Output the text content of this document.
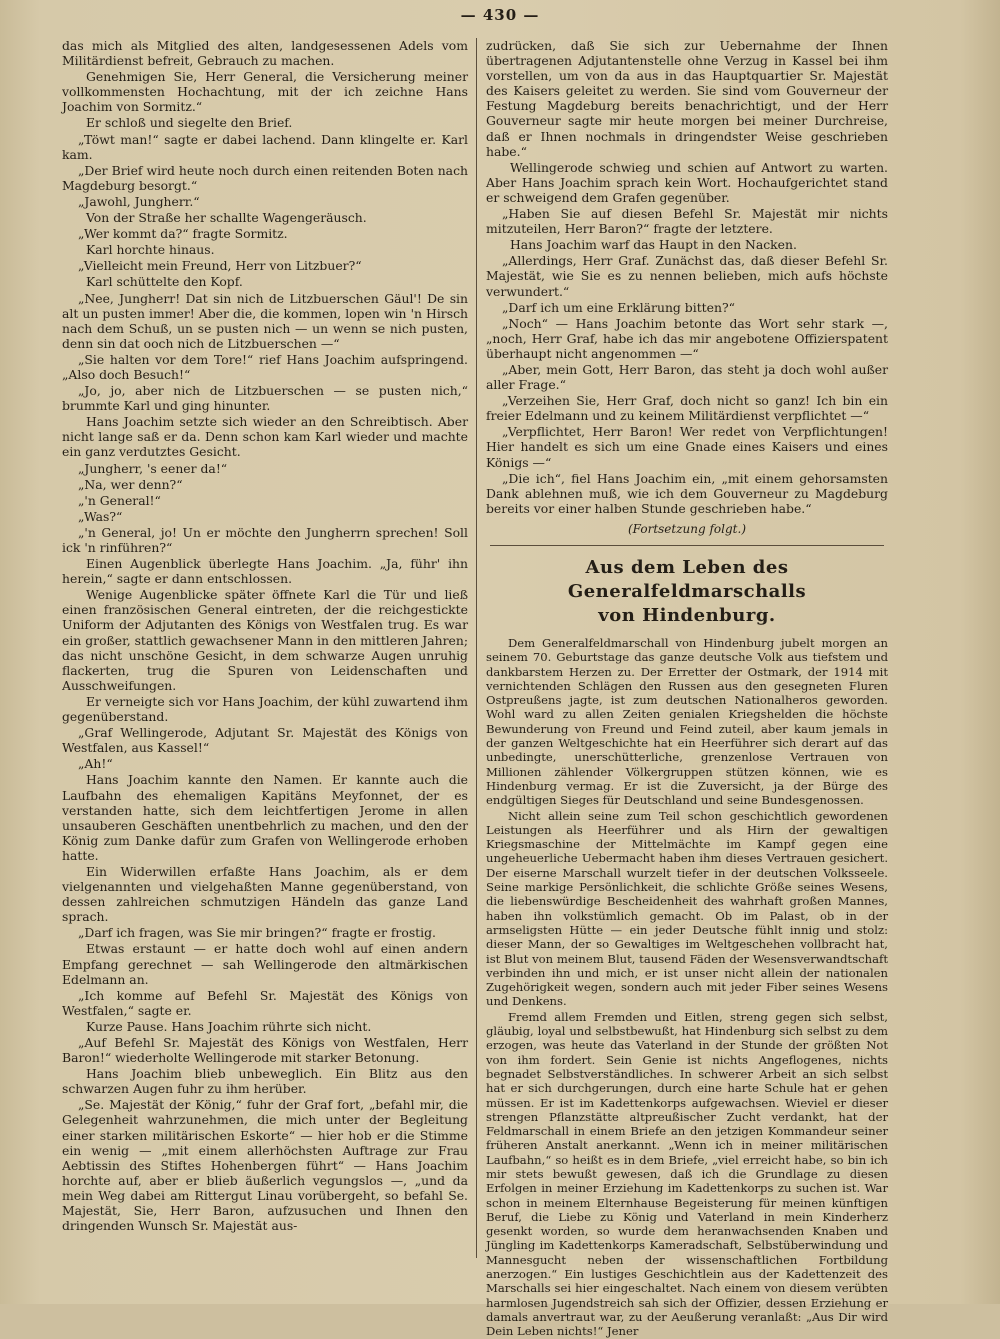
— 430 —

das mich als Mitglied des alten, landgesessenen Adels vom Militärdienst befreit, Gebrauch zu machen.

Genehmigen Sie, Herr General, die Versicherung meiner vollkommensten Hochachtung, mit der ich zeichne Hans Joachim von Sormitz.“

Er schloß und siegelte den Brief.

„Töwt man!“ sagte er dabei lachend. Dann klingelte er. Karl kam.

„Der Brief wird heute noch durch einen reitenden Boten nach Magdeburg besorgt.“

„Jawohl, Jungherr.“

Von der Straße her schallte Wagengeräusch.

„Wer kommt da?“ fragte Sormitz.

Karl horchte hinaus.

„Vielleicht mein Freund, Herr von Litzbuer?“

Karl schüttelte den Kopf.

„Nee, Jungherr! Dat sin nich de Litzbuerschen Gäul'! De sin alt un pusten immer! Aber die, die kommen, lopen win 'n Hirsch nach dem Schuß, un se pusten nich — un wenn se nich pusten, denn sin dat ooch nich de Litzbuerschen —“

„Sie halten vor dem Tore!“ rief Hans Joachim aufspringend. „Also doch Besuch!“

„Jo, jo, aber nich de Litzbuerschen — se pusten nich,“ brummte Karl und ging hinunter.

Hans Joachim setzte sich wieder an den Schreibtisch. Aber nicht lange saß er da. Denn schon kam Karl wieder und machte ein ganz verdutztes Gesicht.

„Jungherr, 's eener da!“

„Na, wer denn?“

„'n General!“

„Was?“

„'n General, jo! Un er möchte den Jungherrn sprechen! Soll ick 'n rinführen?“

Einen Augenblick überlegte Hans Joachim. „Ja, führ' ihn herein,“ sagte er dann entschlossen.

Wenige Augenblicke später öffnete Karl die Tür und ließ einen französischen General eintreten, der die reichgestickte Uniform der Adjutanten des Königs von Westfalen trug. Es war ein großer, stattlich gewachsener Mann in den mittleren Jahren; das nicht unschöne Gesicht, in dem schwarze Augen unruhig flackerten, trug die Spuren von Leidenschaften und Ausschweifungen.

Er verneigte sich vor Hans Joachim, der kühl zuwartend ihm gegenüberstand.

„Graf Wellingerode, Adjutant Sr. Majestät des Königs von Westfalen, aus Kassel!“

„Ah!“

Hans Joachim kannte den Namen. Er kannte auch die Laufbahn des ehemaligen Kapitäns Meyfonnet, der es verstanden hatte, sich dem leichtfertigen Jerome in allen unsauberen Geschäften unentbehrlich zu machen, und den der König zum Danke dafür zum Grafen von Wellingerode erhoben hatte.

Ein Widerwillen erfaßte Hans Joachim, als er dem vielgenannten und vielgehaßten Manne gegenüberstand, von dessen zahlreichen schmutzigen Händeln das ganze Land sprach.

„Darf ich fragen, was Sie mir bringen?“ fragte er frostig.

Etwas erstaunt — er hatte doch wohl auf einen andern Empfang gerechnet — sah Wellingerode den altmärkischen Edelmann an.

„Ich komme auf Befehl Sr. Majestät des Königs von Westfalen,“ sagte er.

Kurze Pause. Hans Joachim rührte sich nicht.

„Auf Befehl Sr. Majestät des Königs von Westfalen, Herr Baron!“ wiederholte Wellingerode mit starker Betonung.

Hans Joachim blieb unbeweglich. Ein Blitz aus den schwarzen Augen fuhr zu ihm herüber.

„Se. Majestät der König,“ fuhr der Graf fort, „befahl mir, die Gelegenheit wahrzunehmen, die mich unter der Begleitung einer starken militärischen Eskorte“ — hier hob er die Stimme ein wenig — „mit einem allerhöchsten Auftrage zur Frau Aebtissin des Stiftes Hohenbergen führt“ — Hans Joachim horchte auf, aber er blieb äußerlich vegungslos —, „und da mein Weg dabei am Rittergut Linau vorübergeht, so befahl Se. Majestät, Sie, Herr Baron, aufzusuchen und Ihnen den dringenden Wunsch Sr. Majestät aus-

zudrücken, daß Sie sich zur Uebernahme der Ihnen übertragenen Adjutantenstelle ohne Verzug in Kassel bei ihm vorstellen, um von da aus in das Hauptquartier Sr. Majestät des Kaisers geleitet zu werden. Sie sind vom Gouverneur der Festung Magdeburg bereits benachrichtigt, und der Herr Gouverneur sagte mir heute morgen bei meiner Durchreise, daß er Ihnen nochmals in dringendster Weise geschrieben habe.“

Wellingerode schwieg und schien auf Antwort zu warten. Aber Hans Joachim sprach kein Wort. Hochaufgerichtet stand er schweigend dem Grafen gegenüber.

„Haben Sie auf diesen Befehl Sr. Majestät mir nichts mitzuteilen, Herr Baron?“ fragte der letztere.

Hans Joachim warf das Haupt in den Nacken.

„Allerdings, Herr Graf. Zunächst das, daß dieser Befehl Sr. Majestät, wie Sie es zu nennen belieben, mich aufs höchste verwundert.“

„Darf ich um eine Erklärung bitten?“

„Noch“ — Hans Joachim betonte das Wort sehr stark —, „noch, Herr Graf, habe ich das mir angebotene Offizierspatent überhaupt nicht angenommen —“

„Aber, mein Gott, Herr Baron, das steht ja doch wohl außer aller Frage.“

„Verzeihen Sie, Herr Graf, doch nicht so ganz! Ich bin ein freier Edelmann und zu keinem Militärdienst verpflichtet —“

„Verpflichtet, Herr Baron! Wer redet von Verpflichtungen! Hier handelt es sich um eine Gnade eines Kaisers und eines Königs —“

„Die ich“, fiel Hans Joachim ein, „mit einem gehorsamsten Dank ablehnen muß, wie ich dem Gouverneur zu Magdeburg bereits vor einer halben Stunde geschrieben habe.“

(Fortsetzung folgt.)

Aus dem Leben des Generalfeldmarschalls
von Hindenburg.

Dem Generalfeldmarschall von Hindenburg jubelt morgen an seinem 70. Geburtstage das ganze deutsche Volk aus tiefstem und dankbarstem Herzen zu. Der Erretter der Ostmark, der 1914 mit vernichtenden Schlägen den Russen aus den gesegneten Fluren Ostpreußens jagte, ist zum deutschen Nationalheros geworden. Wohl ward zu allen Zeiten genialen Kriegshelden die höchste Bewunderung von Freund und Feind zuteil, aber kaum jemals in der ganzen Weltgeschichte hat ein Heerführer sich derart auf das unbedingte, unerschütterliche, grenzenlose Vertrauen von Millionen zählender Völkergruppen stützen können, wie es Hindenburg vermag. Er ist die Zuversicht, ja der Bürge des endgültigen Sieges für Deutschland und seine Bundesgenossen.

Nicht allein seine zum Teil schon geschichtlich gewordenen Leistungen als Heerführer und als Hirn der gewaltigen Kriegsmaschine der Mittelmächte im Kampf gegen eine ungeheuerliche Uebermacht haben ihm dieses Vertrauen gesichert. Der eiserne Marschall wurzelt tiefer in der deutschen Volksseele. Seine markige Persönlichkeit, die schlichte Größe seines Wesens, die liebenswürdige Bescheidenheit des wahrhaft großen Mannes, haben ihn volkstümlich gemacht. Ob im Palast, ob in der armseligsten Hütte — ein jeder Deutsche fühlt innig und stolz: dieser Mann, der so Gewaltiges im Weltgeschehen vollbracht hat, ist Blut von meinem Blut, tausend Fäden der Wesensverwandtschaft verbinden ihn und mich, er ist unser nicht allein der nationalen Zugehörigkeit wegen, sondern auch mit jeder Fiber seines Wesens und Denkens.

Fremd allem Fremden und Eitlen, streng gegen sich selbst, gläubig, loyal und selbstbewußt, hat Hindenburg sich selbst zu dem erzogen, was heute das Vaterland in der Stunde der größten Not von ihm fordert. Sein Genie ist nichts Angeflogenes, nichts begnadet Selbstverständliches. In schwerer Arbeit an sich selbst hat er sich durchgerungen, durch eine harte Schule hat er gehen müssen. Er ist im Kadettenkorps aufgewachsen. Wieviel er dieser strengen Pflanzstätte altpreußischer Zucht verdankt, hat der Feldmarschall in einem Briefe an den jetzigen Kommandeur seiner früheren Anstalt anerkannt. „Wenn ich in meiner militärischen Laufbahn,“ so heißt es in dem Briefe, „viel erreicht habe, so bin ich mir stets bewußt gewesen, daß ich die Grundlage zu diesen Erfolgen in meiner Erziehung im Kadettenkorps zu suchen ist. War schon in meinem Elternhause Begeisterung für meinen künftigen Beruf, die Liebe zu König und Vaterland in mein Kinderherz gesenkt worden, so wurde dem heranwachsenden Knaben und Jüngling im Kadettenkorps Kameradschaft, Selbstüberwindung und Mannesgucht neben der wissenschaftlichen Fortbildung anerzogen.“ Ein lustiges Geschichtlein aus der Kadettenzeit des Marschalls sei hier eingeschaltet. Nach einem von diesem verübten harmlosen Jugendstreich sah sich der Offizier, dessen Erziehung er damals anvertraut war, zu der Aeußerung veranlaßt: „Aus Dir wird Dein Leben nichts!“ Jener
